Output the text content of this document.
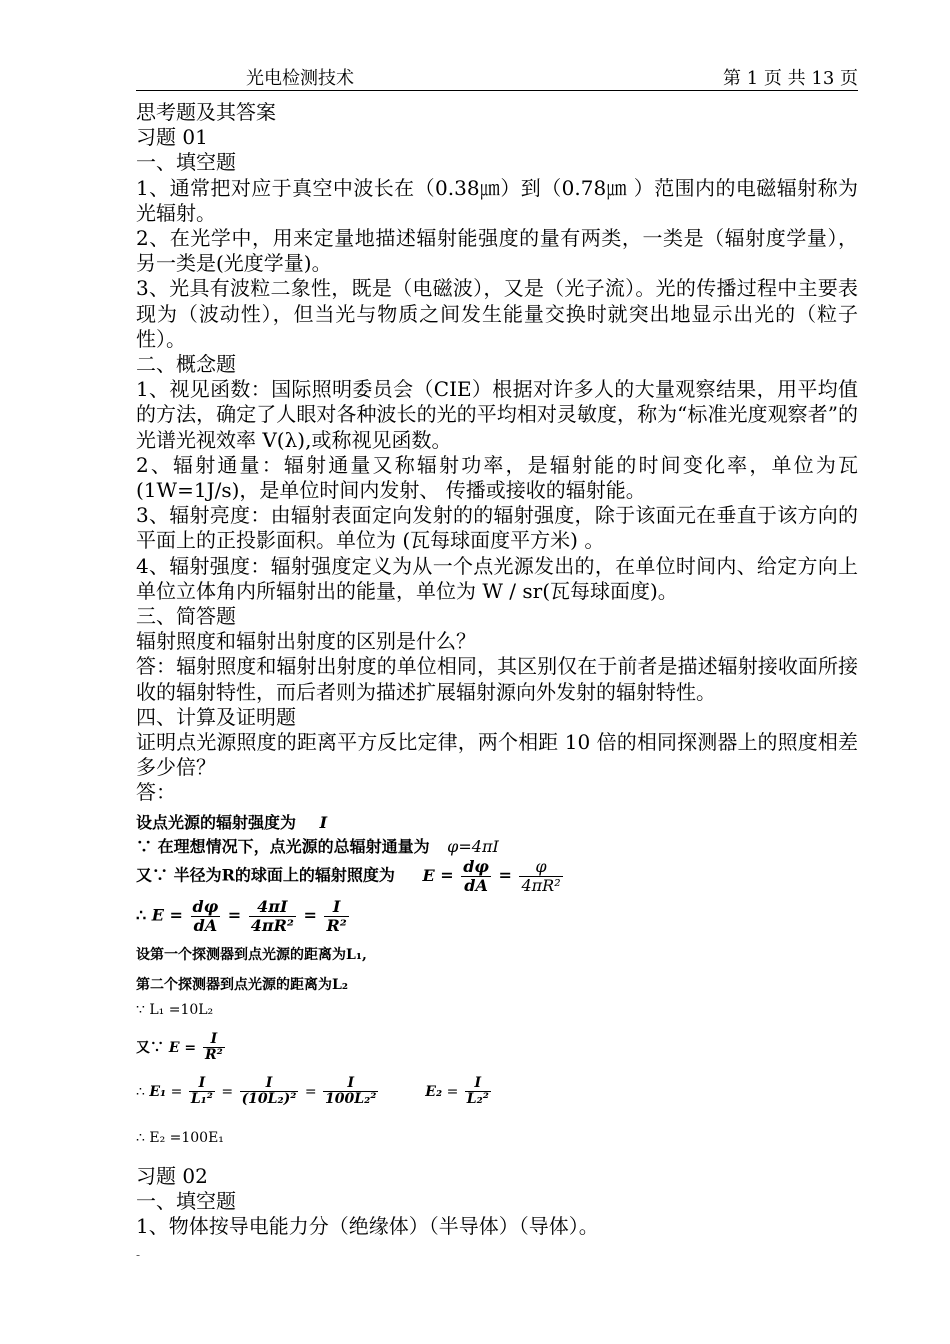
光电检测技术	第 1 页 共 13 页

思考题及其答案

习题 01

一、填空题

1、通常把对应于真空中波长在（0.38㎛）到（0.78㎛ ）范围内的电磁辐射称为光辐射。

2、在光学中，用来定量地描述辐射能强度的量有两类，一类是（辐射度学量），另一类是(光度学量)。

3、光具有波粒二象性，既是（电磁波），又是（光子流）。光的传播过程中主要表现为（波动性），但当光与物质之间发生能量交换时就突出地显示出光的（粒子性）。

二、概念题

1、视见函数：国际照明委员会（CIE）根据对许多人的大量观察结果，用平均值的方法，确定了人眼对各种波长的光的平均相对灵敏度，称为“标准光度观察者”的光谱光视效率 V(λ),或称视见函数。

2、辐射通量：辐射通量又称辐射功率，是辐射能的时间变化率，单位为瓦(1W=1J/s)，是单位时间内发射、 传播或接收的辐射能。

3、辐射亮度：由辐射表面定向发射的的辐射强度，除于该面元在垂直于该方向的平面上的正投影面积。单位为 (瓦每球面度平方米) 。

4、辐射强度：辐射强度定义为从一个点光源发出的，在单位时间内、给定方向上单位立体角内所辐射出的能量，单位为 W / sr(瓦每球面度)。

三、简答题

辐射照度和辐射出射度的区别是什么？

答：辐射照度和辐射出射度的单位相同，其区别仅在于前者是描述辐射接收面所接收的辐射特性，而后者则为描述扩展辐射源向外发射的辐射特性。

四、计算及证明题

证明点光源照度的距离平方反比定律，两个相距 10 倍的相同探测器上的照度相差多少倍？

答：

设点光源的辐射强度为 I
∵ 在理想情况下，点光源的总辐射通量为 φ=4πI
又∵ 半径为R的球面上的辐射照度为 $E = \frac{d\varphi}{dA} = \frac{\varphi}{\text{4πR²}}$
∴ $E = \frac{d\varphi}{dA} = \frac{4\pi I}{\text{4πR²}} = \frac{I}{\text{R²}}$
设第一个探测器到点光源的距离为L₁,
第二个探测器到点光源的距离为L₂
∵ L₁ =10L₂
又∵ $E = \frac{I}{\text{R²}}$
∴ $E_1 = \frac{I}{\text{L₁²}} = \frac{I}{\text{(10L₂)²}} = \frac{I}{\text{100L₂²}}$	$E_2 = \frac{I}{\text{L₂²}}$
∴ E₂ =100E₁

习题 02

一、填空题

1、物体按导电能力分（绝缘体）（半导体）（导体）。

-
